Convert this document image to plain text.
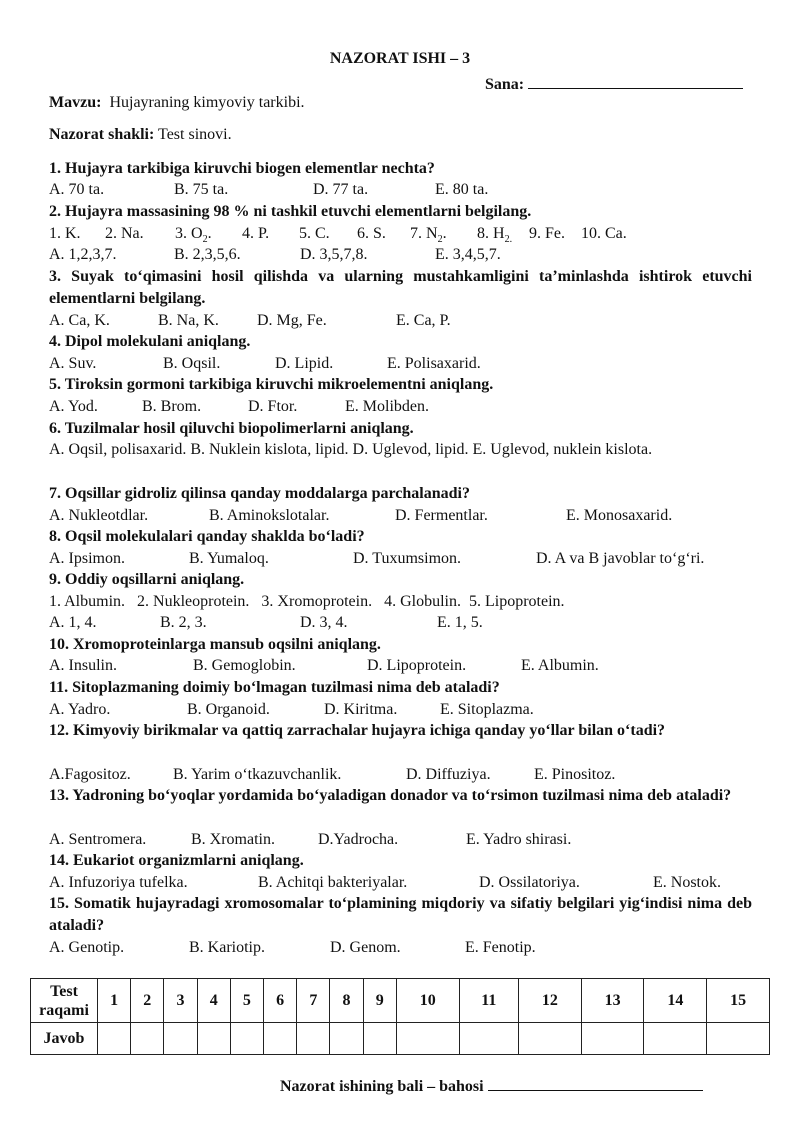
NAZORAT ISHI – 3
Sana:
Mavzu: Hujayraning kimyoviy tarkibi.
Nazorat shakli: Test sinovi.
1. Hujayra tarkibiga kiruvchi biogen elementlar nechta?
A. 70 ta.	B. 75 ta.	D. 77 ta.	E. 80 ta.
2. Hujayra massasining 98 % ni tashkil etuvchi elementlarni belgilang.
1. K. 2. Na. 3. $O_2$. 4. P. 5. C. 6. S. 7. $N_2$. 8. $H_{2.}$ 9. Fe. 10. Ca.
A. 1,2,3,7.	B. 2,3,5,6.	D. 3,5,7,8.	E. 3,4,5,7.
3. Suyak to‘qimasini hosil qilishda va ularning mustahkamligini ta’minlashda ishtirok etuvchi elementlarni belgilang.
A. Ca, K.	B. Na, K. D. Mg, Fe.	E. Ca, P.
4. Dipol molekulani aniqlang.
A. Suv.	B. Oqsil.	D. Lipid.	E. Polisaxarid.
5. Tiroksin gormoni tarkibiga kiruvchi mikroelementni aniqlang.
A. Yod.	B. Brom.	D. Ftor.	E. Molibden.
6. Tuzilmalar hosil qiluvchi biopolimerlarni aniqlang.
A. Oqsil, polisaxarid. B. Nuklein kislota, lipid. D. Uglevod, lipid. E. Uglevod, nuklein kislota.
7. Oqsillar gidroliz qilinsa qanday moddalarga parchalanadi?
A. Nukleotdlar.	B. Aminokslotalar.	D. Fermentlar.	E. Monosaxarid.
8. Oqsil molekulalari qanday shaklda bo‘ladi?
A. Ipsimon.	B. Yumaloq.	D. Tuxumsimon.	D. A va B javoblar to‘g‘ri.
9. Oddiy oqsillarni aniqlang.
1. Albumin.   2. Nukleoprotein.   3. Xromoprotein.   4. Globulin.  5. Lipoprotein.
A. 1, 4.	B. 2, 3.	D. 3, 4.	E. 1, 5.
10. Xromoproteinlarga mansub oqsilni aniqlang.
A. Insulin.	B. Gemoglobin.	D. Lipoprotein.	E. Albumin.
11. Sitoplazmaning doimiy bo‘lmagan tuzilmasi nima deb ataladi?
A. Yadro.	B. Organoid.	D. Kiritma.	E. Sitoplazma.
12. Kimyoviy birikmalar va qattiq zarrachalar hujayra ichiga qanday yo‘llar bilan o‘tadi?
A.Fagositoz.	B. Yarim o‘tkazuvchanlik.	D. Diffuziya.	E. Pinositoz.
13. Yadroning bo‘yoqlar yordamida bo‘yaladigan donador va to‘rsimon tuzilmasi nima deb ataladi?
A. Sentromera.	B. Xromatin.	D.Yadrocha.	E. Yadro shirasi.
14. Eukariot organizmlarni aniqlang.
A. Infuzoriya tufelka.	B. Achitqi bakteriyalar.	D. Ossilatoriya.	E. Nostok.
15. Somatik hujayradagi xromosomalar to‘plamining miqdoriy va sifatiy belgilari yig‘indisi nima deb ataladi?
A. Genotip.	B. Kariotip.	D. Genom.	E. Fenotip.
Test raqami	1	2	3	4	5	6	7	8	9	10	11	12	13	14	15
Javob															
Nazorat ishining bali – bahosi
